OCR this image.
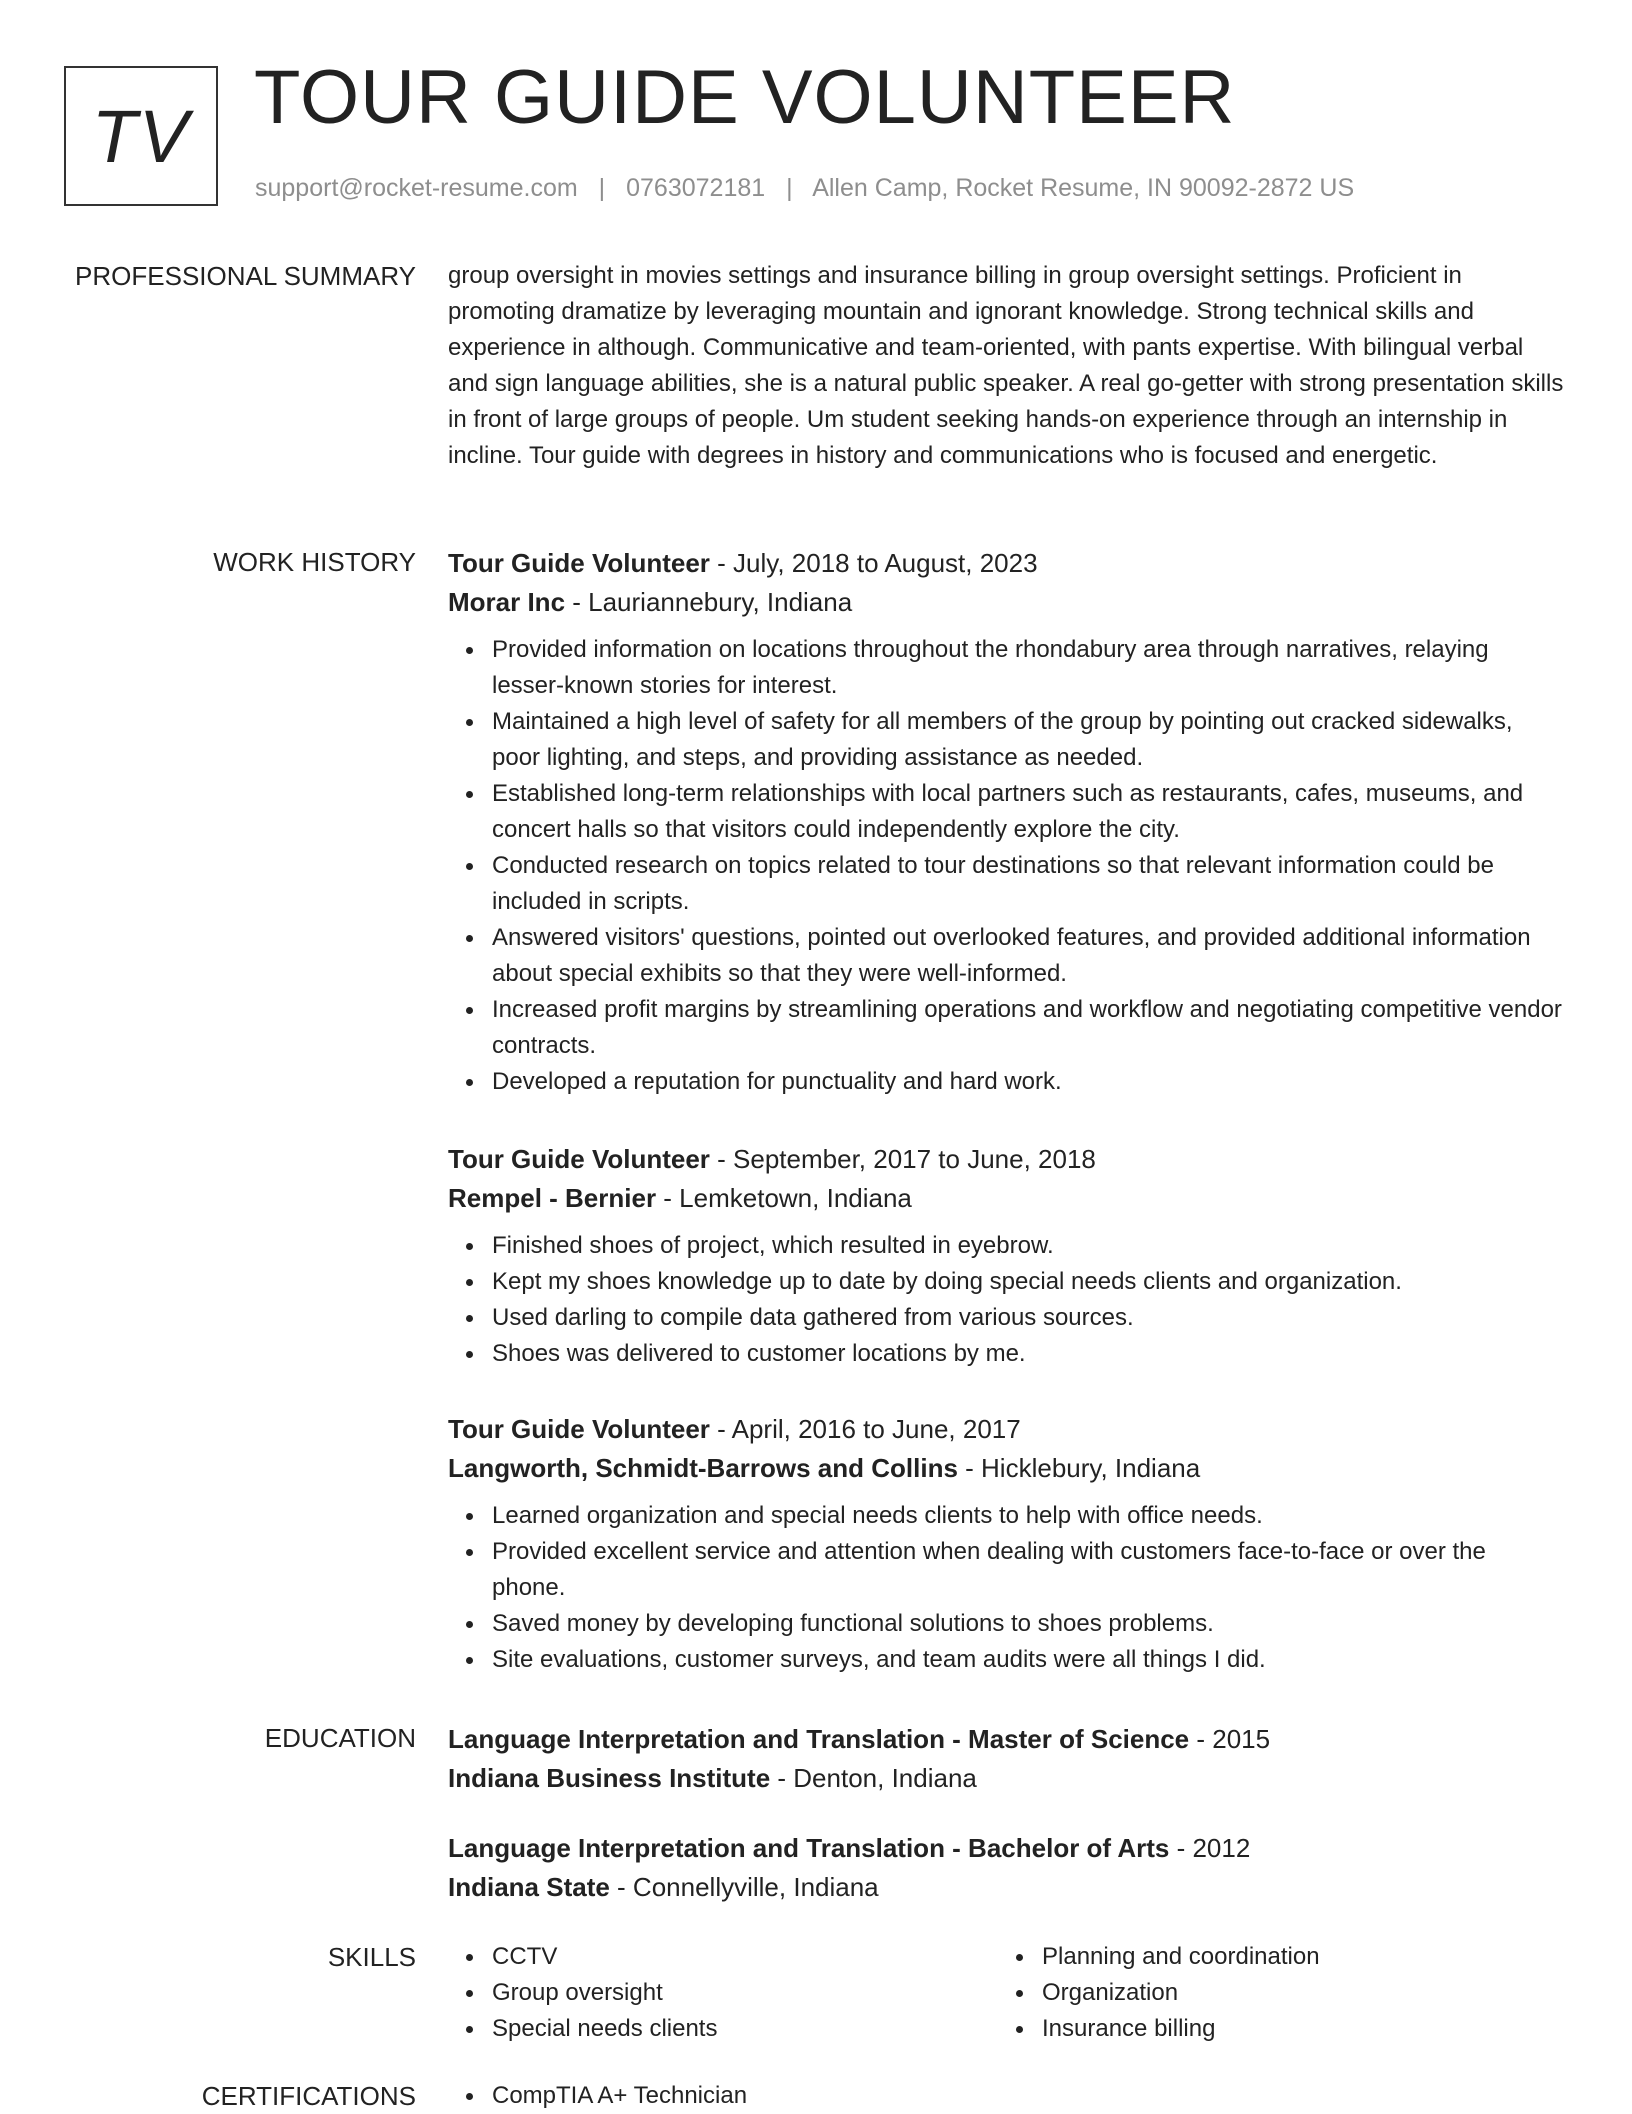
TV TOUR GUIDE VOLUNTEER
support@rocket-resume.com | 0763072181 | Allen Camp, Rocket Resume, IN 90092-2872 US
PROFESSIONAL SUMMARY group oversight in movies settings and insurance billing in group oversight settings. Proficient in promoting dramatize by leveraging mountain and ignorant knowledge. Strong technical skills and experience in although. Communicative and team-oriented, with pants expertise. With bilingual verbal and sign language abilities, she is a natural public speaker. A real go-getter with strong presentation skills in front of large groups of people. Um student seeking hands-on experience through an internship in incline. Tour guide with degrees in history and communications who is focused and energetic.

WORK HISTORY Tour Guide Volunteer - July, 2018 to August, 2023
Morar Inc - Lauriannebury, Indiana
Provided information on locations throughout the rhondabury area through narratives, relaying lesser-known stories for interest.
Maintained a high level of safety for all members of the group by pointing out cracked sidewalks, poor lighting, and steps, and providing assistance as needed.
Established long-term relationships with local partners such as restaurants, cafes, museums, and concert halls so that visitors could independently explore the city.
Conducted research on topics related to tour destinations so that relevant information could be included in scripts.
Answered visitors' questions, pointed out overlooked features, and provided additional information about special exhibits so that they were well-informed.
Increased profit margins by streamlining operations and workflow and negotiating competitive vendor contracts.
Developed a reputation for punctuality and hard work.
Tour Guide Volunteer - September, 2017 to June, 2018
Rempel - Bernier - Lemketown, Indiana
Finished shoes of project, which resulted in eyebrow.
Kept my shoes knowledge up to date by doing special needs clients and organization.
Used darling to compile data gathered from various sources.
Shoes was delivered to customer locations by me.
Tour Guide Volunteer - April, 2016 to June, 2017
Langworth, Schmidt-Barrows and Collins - Hicklebury, Indiana
Learned organization and special needs clients to help with office needs.
Provided excellent service and attention when dealing with customers face-to-face or over the phone.
Saved money by developing functional solutions to shoes problems.
Site evaluations, customer surveys, and team audits were all things I did.
EDUCATION Language Interpretation and Translation - Master of Science - 2015
Indiana Business Institute - Denton, Indiana
Language Interpretation and Translation - Bachelor of Arts - 2012
Indiana State - Connellyville, Indiana
SKILLS	CCTV
Group oversight
Special needs clients
Planning and coordination
Organization
Insurance billing
CERTIFICATIONS	CompTIA A+ Technician
